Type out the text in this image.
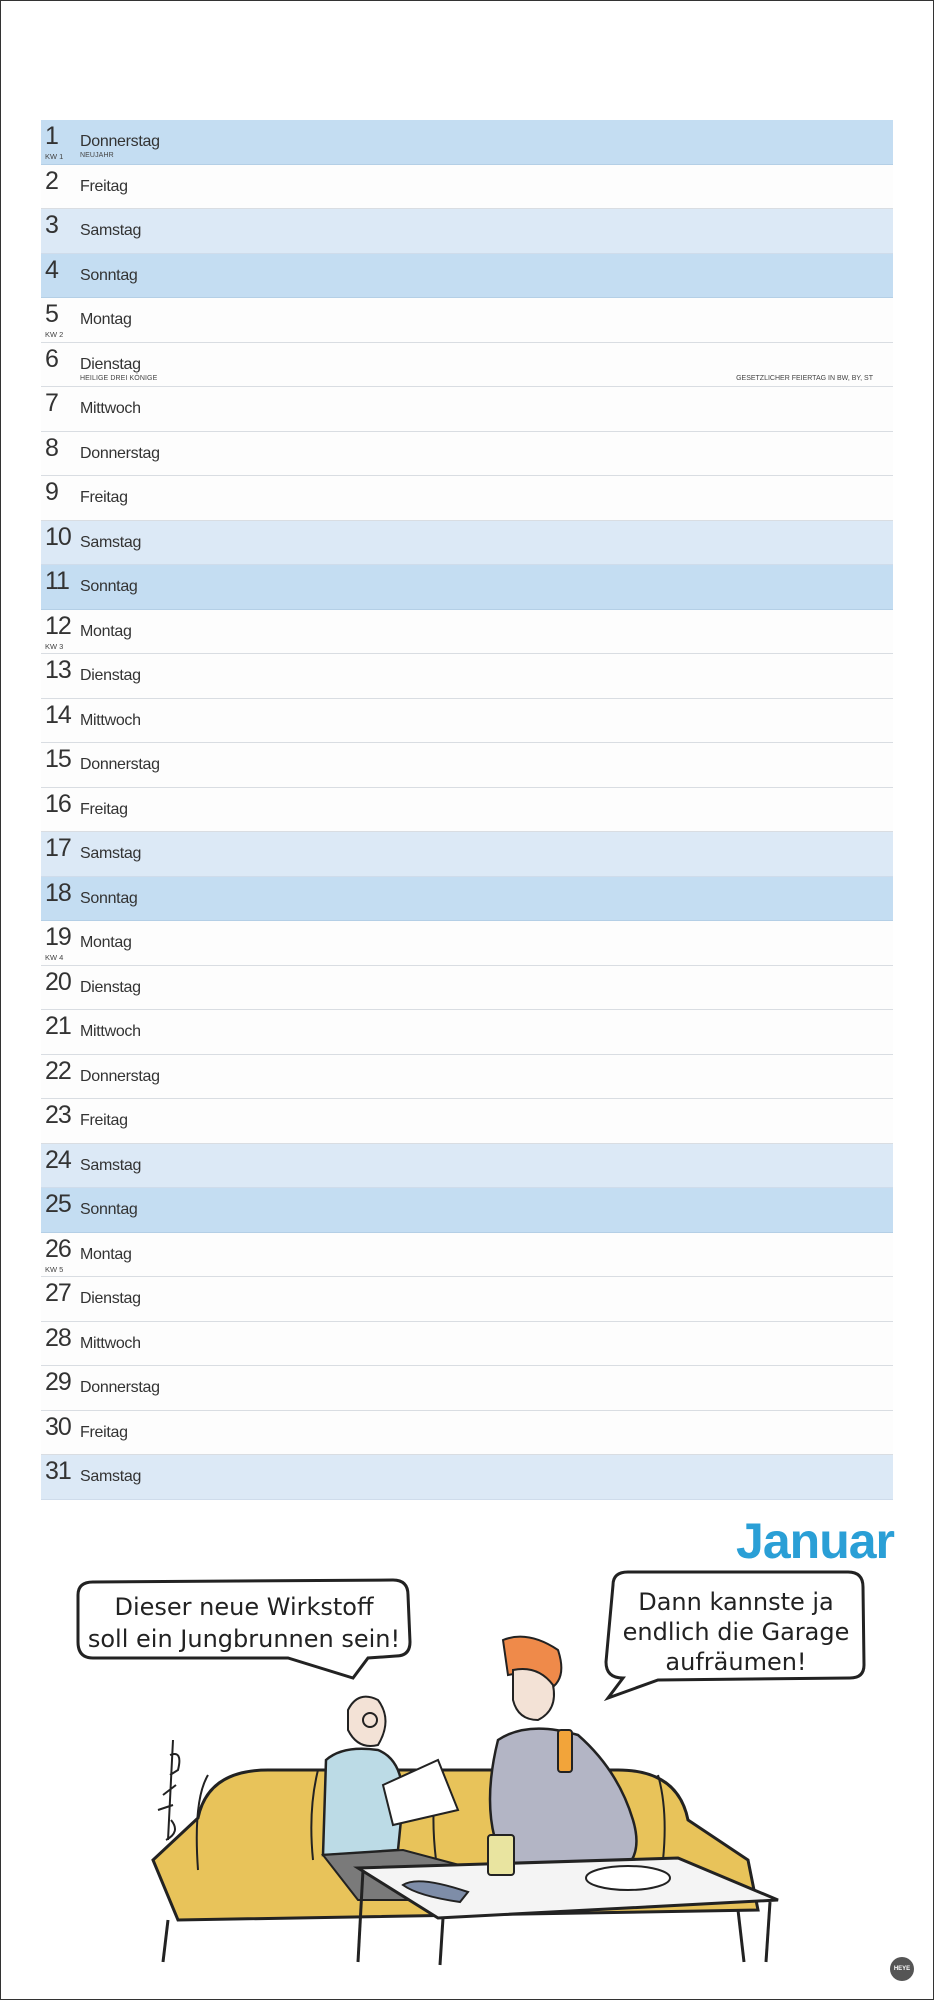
1 Donnerstag
KW 1 NEUJAHR
2 Freitag
3 Samstag
4 Sonntag
5 Montag
KW 2
6 Dienstag
HEILIGE DREI KÖNIGE	GESETZLICHER FEIERTAG IN BW, BY, ST
7 Mittwoch
8 Donnerstag
9 Freitag
10 Samstag
11 Sonntag
12 Montag
KW 3
13 Dienstag
14 Mittwoch
15 Donnerstag
16 Freitag
17 Samstag
18 Sonntag
19 Montag
KW 4
20 Dienstag
21 Mittwoch
22 Donnerstag
23 Freitag
24 Samstag
25 Sonntag
26 Montag
KW 5
27 Dienstag
28 Mittwoch
29 Donnerstag
30 Freitag
31 Samstag
Januar
Dieser neue Wirkstoff
soll ein Jungbrunnen sein!
Dann kannste ja
endlich die Garage
aufräumen!
HEYE
